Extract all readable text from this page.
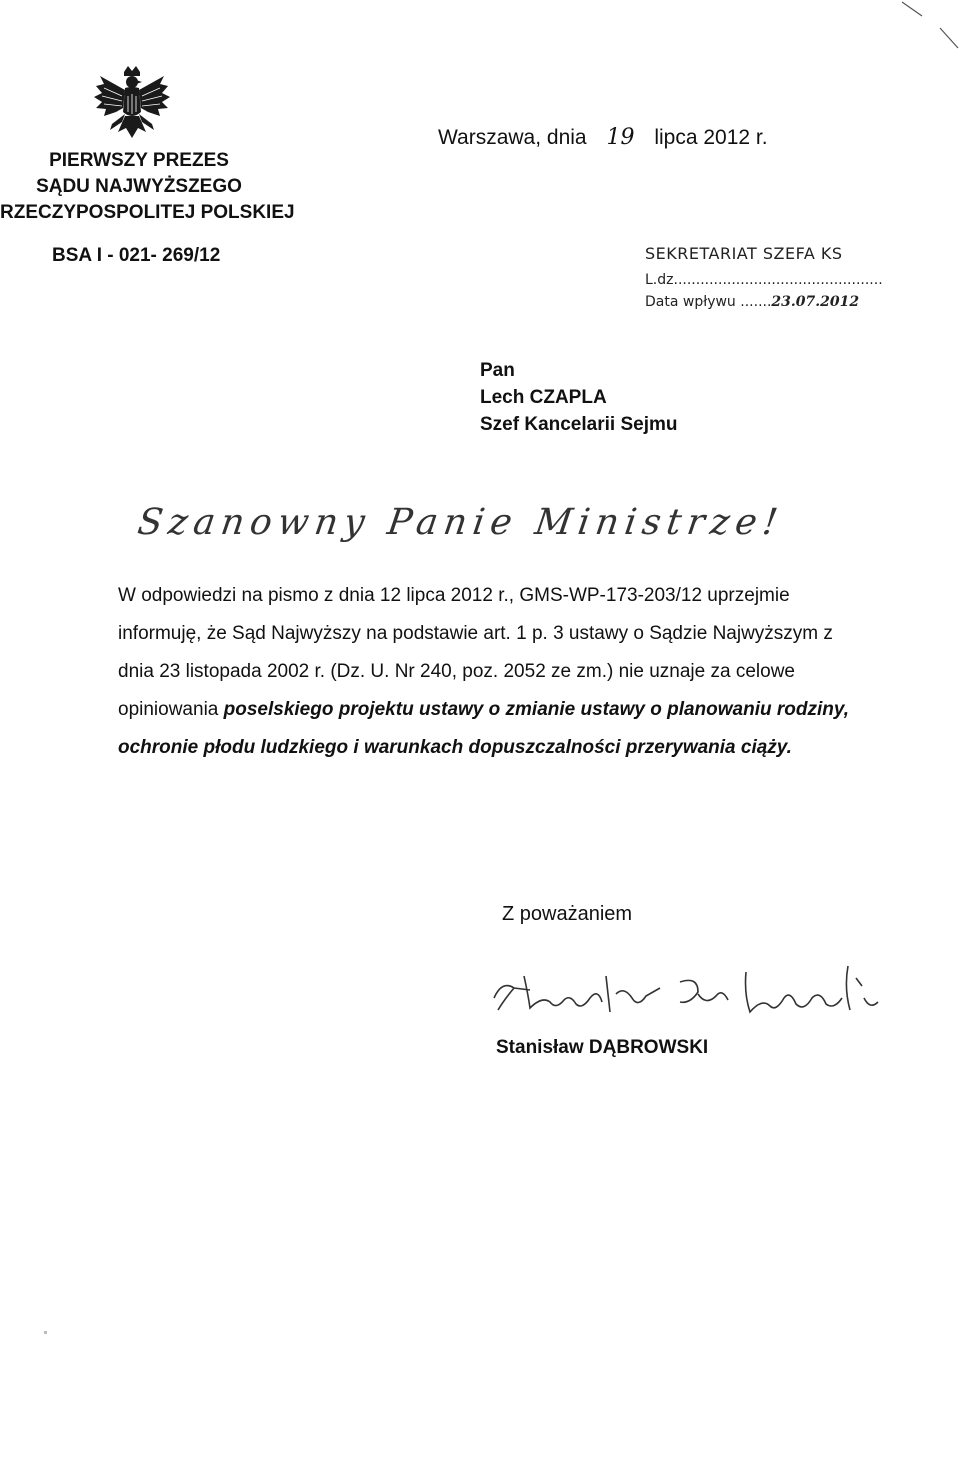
PIERWSZY PREZES
SĄDU NAJWYŻSZEGO
RZECZYPOSPOLITEJ POLSKIEJ
BSA I - 021- 269/12
Warszawa, dnia 19 lipca 2012 r.
SEKRETARIAT SZEFA KS
L.dz...............................................
Data wpływu .......23.07.2012
Pan
Lech CZAPLA
Szef Kancelarii Sejmu
Szanowny Panie Ministrze!

W odpowiedzi na pismo z dnia 12 lipca 2012 r., GMS-WP-173-203/12 uprzejmie informuję, że Sąd Najwyższy na podstawie art. 1 p. 3 ustawy o Sądzie Najwyższym z dnia 23 listopada 2002 r. (Dz. U. Nr 240, poz. 2052 ze zm.) nie uznaje za celowe opiniowania poselskiego projektu ustawy o zmianie ustawy o planowaniu rodziny, ochronie płodu ludzkiego i warunkach dopuszczalności przerywania ciąży.

Z poważaniem
Stanisław DĄBROWSKI
